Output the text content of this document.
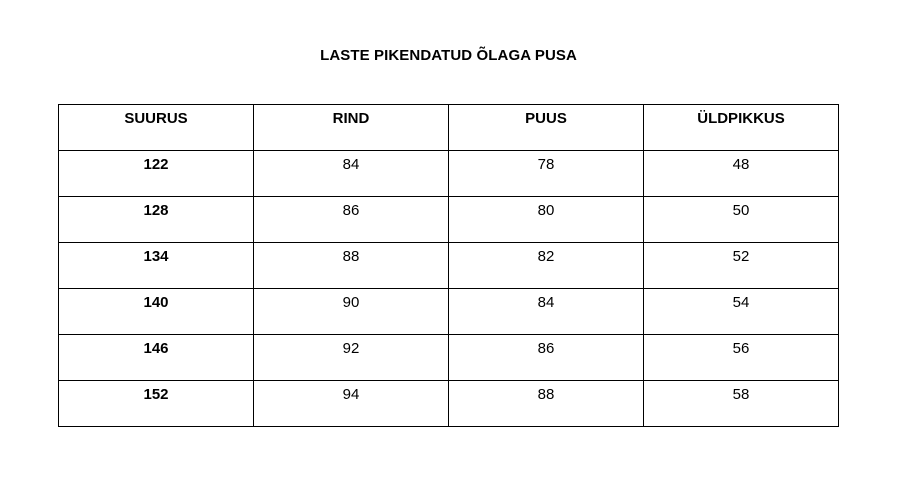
LASTE PIKENDATUD ÕLAGA PUSA
SUURUS	RIND	PUUS	ÜLDPIKKUS
122	84	78	48
128	86	80	50
134	88	82	52
140	90	84	54
146	92	86	56
152	94	88	58
